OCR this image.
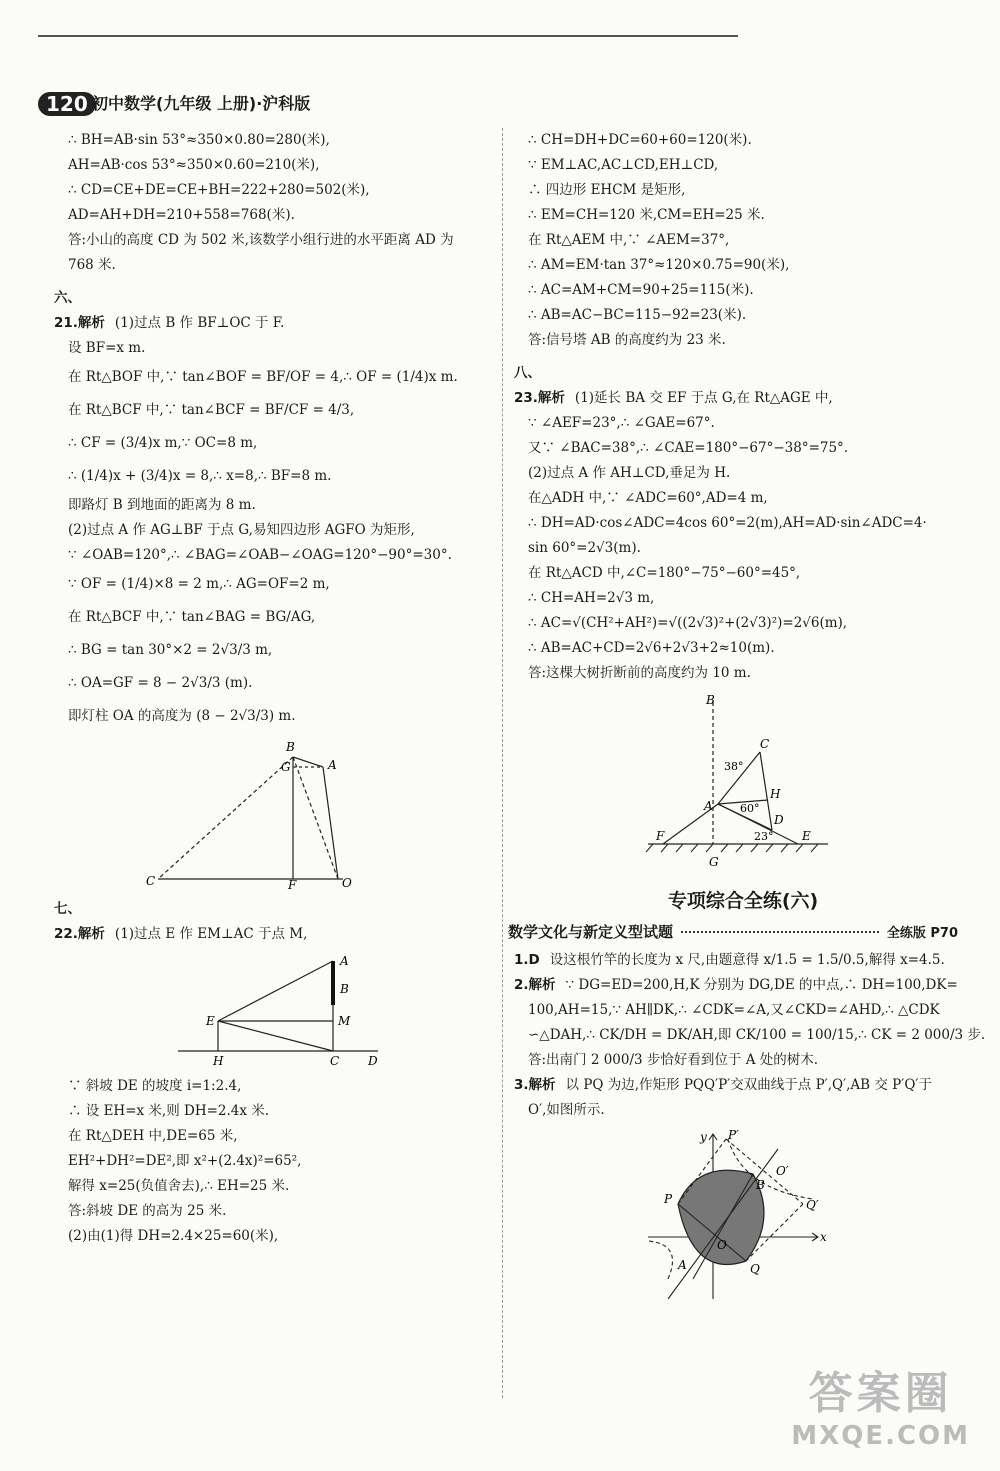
120 初中数学(九年级 上册)·沪科版
∴ BH=AB·sin 53°≈350×0.80=280(米),
AH=AB·cos 53°≈350×0.60=210(米),
∴ CD=CE+DE=CE+BH=222+280=502(米),
AD=AH+DH=210+558=768(米).
答:小山的高度 CD 为 502 米,该数学小组行进的水平距离 AD 为
768 米.
六、
21.解析 (1)过点 B 作 BF⊥OC 于 F.
设 BF=x m.
在 Rt△BOF 中,∵ tan∠BOF = BF/OF = 4,∴ OF = (1/4)x m.
在 Rt△BCF 中,∵ tan∠BCF = BF/CF = 4/3,
∴ CF = (3/4)x m,∵ OC=8 m,
∴ (1/4)x + (3/4)x = 8,∴ x=8,∴ BF=8 m.
即路灯 B 到地面的距离为 8 m.
(2)过点 A 作 AG⊥BF 于点 G,易知四边形 AGFO 为矩形,
∵ ∠OAB=120°,∴ ∠BAG=∠OAB−∠OAG=120°−90°=30°.
∵ OF = (1/4)×8 = 2 m,∴ AG=OF=2 m,
在 Rt△BCF 中,∵ tan∠BAG = BG/AG,
∴ BG = tan 30°×2 = 2√3/3 m,
∴ OA=GF = 8 − 2√3/3 (m).
即灯柱 OA 的高度为 (8 − 2√3/3) m.
B
G	A
C	F	O
七、
22.解析 (1)过点 E 作 EM⊥AC 于点 M,
A
B
E	M
H	C D
∵ 斜坡 DE 的坡度 i=1:2.4,
∴ 设 EH=x 米,则 DH=2.4x 米.
在 Rt△DEH 中,DE=65 米,
EH²+DH²=DE²,即 x²+(2.4x)²=65²,
解得 x=25(负值舍去),∴ EH=25 米.
答:斜坡 DE 的高为 25 米.
(2)由(1)得 DH=2.4×25=60(米),
∴ CH=DH+DC=60+60=120(米).
∵ EM⊥AC,AC⊥CD,EH⊥CD,
∴ 四边形 EHCM 是矩形,
∴ EM=CH=120 米,CM=EH=25 米.
在 Rt△AEM 中,∵ ∠AEM=37°,
∴ AM=EM·tan 37°≈120×0.75=90(米),
∴ AC=AM+CM=90+25=115(米).
∴ AB=AC−BC=115−92=23(米).
答:信号塔 AB 的高度约为 23 米.
八、
23.解析 (1)延长 BA 交 EF 于点 G,在 Rt△AGE 中,
∵ ∠AEF=23°,∴ ∠GAE=67°.
又∵ ∠BAC=38°,∴ ∠CAE=180°−67°−38°=75°.
(2)过点 A 作 AH⊥CD,垂足为 H.
在△ADH 中,∵ ∠ADC=60°,AD=4 m,
∴ DH=AD·cos∠ADC=4cos 60°=2(m),AH=AD·sin∠ADC=4·
sin 60°=2√3(m).
在 Rt△ACD 中,∠C=180°−75°−60°=45°,
∴ CH=AH=2√3 m,
∴ AC=√(CH²+AH²)=√((2√3)²+(2√3)²)=2√6(m),
∴ AB=AC+CD=2√6+2√3+2≈10(m).
答:这棵大树折断前的高度约为 10 m.
B
C
38°
H
A 60°
D
F	23° E
G
专项综合全练(六)
数学文化与新定义型试题	全练版 P70
1.D 设这根竹竿的长度为 x 尺,由题意得 x/1.5 = 1.5/0.5,解得 x=4.5.
2.解析 ∵ DG=ED=200,H,K 分别为 DG,DE 的中点,∴ DH=100,DK=
100,AH=15,∵ AH∥DK,∴ ∠CDK=∠A,又∠CKD=∠AHD,∴ △CDK
∽△DAH,∴ CK/DH = DK/AH,即 CK/100 = 100/15,∴ CK = 2 000/3 步.
答:出南门 2 000/3 步恰好看到位于 A 处的树木.
3.解析 以 PQ 为边,作矩形 PQQ′P′交双曲线于点 P′,Q′,AB 交 P′Q′于
O′,如图所示.
y P′
O′
P
B
Q′
O
x
A	Q
答案圈
MXQE.COM
